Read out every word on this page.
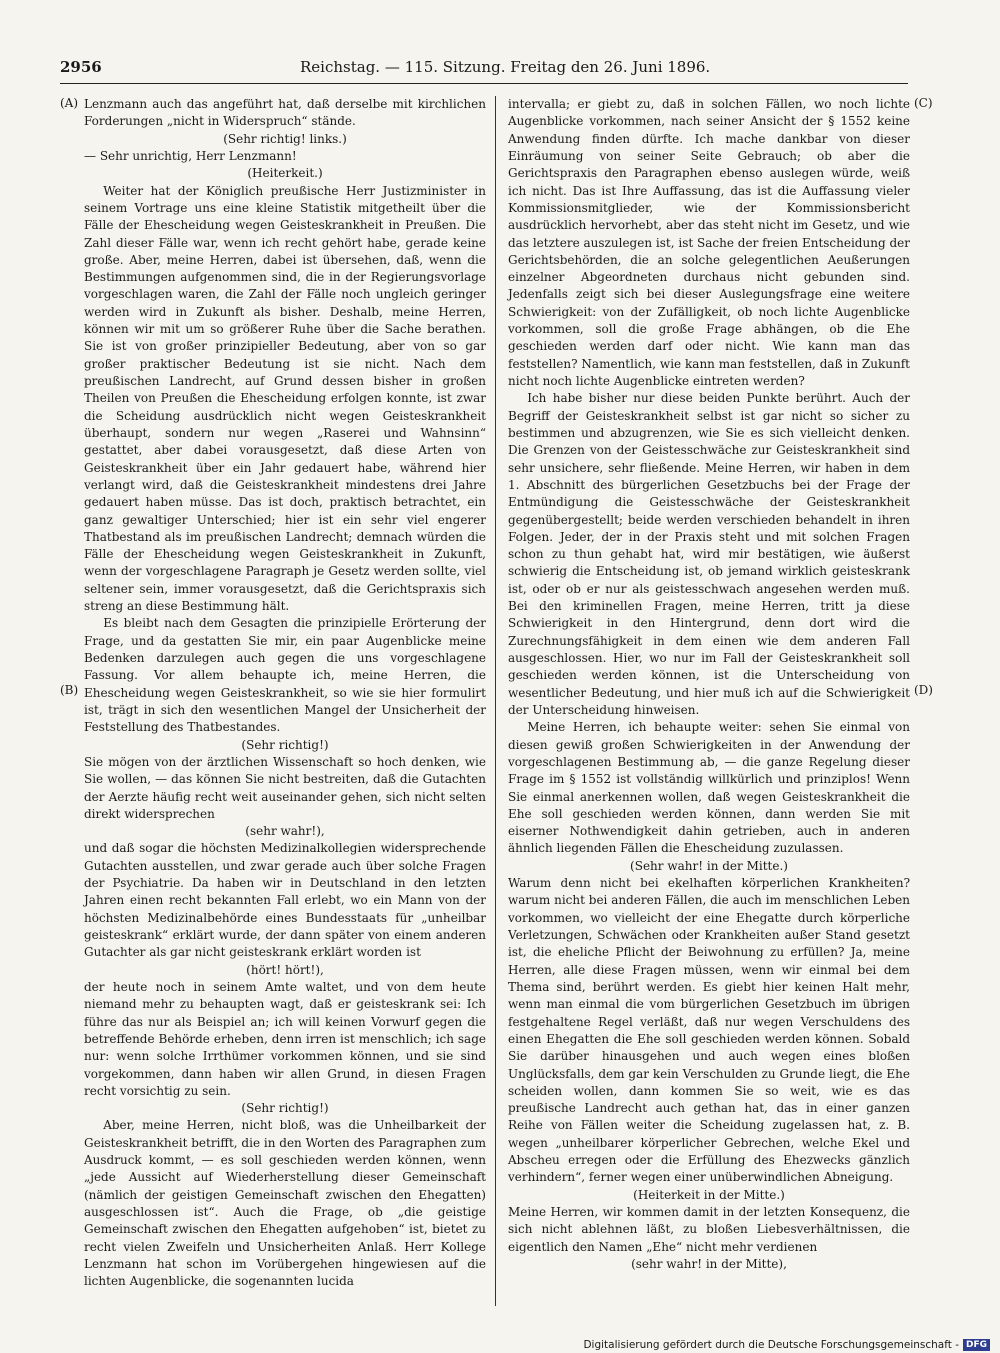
2956	Reichstag. — 115. Sitzung. Freitag den 26. Juni 1896.
(A)
(B)
(C)
(D)

Lenzmann auch das angeführt hat, daß derselbe mit kirchlichen Forderungen „nicht in Widerspruch“ stände.

(Sehr richtig! links.)

— Sehr unrichtig, Herr Lenzmann!

(Heiterkeit.)

Weiter hat der Königlich preußische Herr Justizminister in seinem Vortrage uns eine kleine Statistik mitgetheilt über die Fälle der Ehescheidung wegen Geisteskrankheit in Preußen. Die Zahl dieser Fälle war, wenn ich recht gehört habe, gerade keine große. Aber, meine Herren, dabei ist übersehen, daß, wenn die Bestimmungen aufgenommen sind, die in der Regierungsvorlage vorgeschlagen waren, die Zahl der Fälle noch ungleich geringer werden wird in Zukunft als bisher. Deshalb, meine Herren, können wir mit um so größerer Ruhe über die Sache berathen. Sie ist von großer prinzipieller Bedeutung, aber von so gar großer praktischer Bedeutung ist sie nicht. Nach dem preußischen Landrecht, auf Grund dessen bisher in großen Theilen von Preußen die Ehescheidung erfolgen konnte, ist zwar die Scheidung ausdrücklich nicht wegen Geisteskrankheit überhaupt, sondern nur wegen „Raserei und Wahnsinn“ gestattet, aber dabei vorausgesetzt, daß diese Arten von Geisteskrankheit über ein Jahr gedauert habe, während hier verlangt wird, daß die Geisteskrankheit mindestens drei Jahre gedauert haben müsse. Das ist doch, praktisch betrachtet, ein ganz gewaltiger Unterschied; hier ist ein sehr viel engerer Thatbestand als im preußischen Landrecht; demnach würden die Fälle der Ehescheidung wegen Geisteskrankheit in Zukunft, wenn der vorgeschlagene Paragraph je Gesetz werden sollte, viel seltener sein, immer vorausgesetzt, daß die Gerichtspraxis sich streng an diese Bestimmung hält.

Es bleibt nach dem Gesagten die prinzipielle Erörterung der Frage, und da gestatten Sie mir, ein paar Augenblicke meine Bedenken darzulegen auch gegen die uns vorgeschlagene Fassung. Vor allem behaupte ich, meine Herren, die Ehescheidung wegen Geisteskrankheit, so wie sie hier formulirt ist, trägt in sich den wesentlichen Mangel der Unsicherheit der Feststellung des Thatbestandes.

(Sehr richtig!)

Sie mögen von der ärztlichen Wissenschaft so hoch denken, wie Sie wollen, — das können Sie nicht bestreiten, daß die Gutachten der Aerzte häufig recht weit auseinander gehen, sich nicht selten direkt widersprechen

(sehr wahr!),

und daß sogar die höchsten Medizinalkollegien widersprechende Gutachten ausstellen, und zwar gerade auch über solche Fragen der Psychiatrie. Da haben wir in Deutschland in den letzten Jahren einen recht bekannten Fall erlebt, wo ein Mann von der höchsten Medizinalbehörde eines Bundesstaats für „unheilbar geisteskrank“ erklärt wurde, der dann später von einem anderen Gutachter als gar nicht geisteskrank erklärt worden ist

(hört! hört!),

der heute noch in seinem Amte waltet, und von dem heute niemand mehr zu behaupten wagt, daß er geisteskrank sei: Ich führe das nur als Beispiel an; ich will keinen Vorwurf gegen die betreffende Behörde erheben, denn irren ist menschlich; ich sage nur: wenn solche Irrthümer vorkommen können, und sie sind vorgekommen, dann haben wir allen Grund, in diesen Fragen recht vorsichtig zu sein.

(Sehr richtig!)

Aber, meine Herren, nicht bloß, was die Unheilbarkeit der Geisteskrankheit betrifft, die in den Worten des Paragraphen zum Ausdruck kommt, — es soll geschieden werden können, wenn „jede Aussicht auf Wiederherstellung dieser Gemeinschaft (nämlich der geistigen Gemeinschaft zwischen den Ehegatten) ausgeschlossen ist“. Auch die Frage, ob „die geistige Gemeinschaft zwischen den Ehegatten aufgehoben“ ist, bietet zu recht vielen Zweifeln und Unsicherheiten Anlaß. Herr Kollege Lenzmann hat schon im Vorübergehen hingewiesen auf die lichten Augenblicke, die sogenannten lucida

intervalla; er giebt zu, daß in solchen Fällen, wo noch lichte Augenblicke vorkommen, nach seiner Ansicht der § 1552 keine Anwendung finden dürfte. Ich mache dankbar von dieser Einräumung von seiner Seite Gebrauch; ob aber die Gerichtspraxis den Paragraphen ebenso auslegen würde, weiß ich nicht. Das ist Ihre Auffassung, das ist die Auffassung vieler Kommissionsmitglieder, wie der Kommissionsbericht ausdrücklich hervorhebt, aber das steht nicht im Gesetz, und wie das letztere auszulegen ist, ist Sache der freien Entscheidung der Gerichtsbehörden, die an solche gelegentlichen Aeußerungen einzelner Abgeordneten durchaus nicht gebunden sind. Jedenfalls zeigt sich bei dieser Auslegungsfrage eine weitere Schwierigkeit: von der Zufälligkeit, ob noch lichte Augenblicke vorkommen, soll die große Frage abhängen, ob die Ehe geschieden werden darf oder nicht. Wie kann man das feststellen? Namentlich, wie kann man feststellen, daß in Zukunft nicht noch lichte Augenblicke eintreten werden?

Ich habe bisher nur diese beiden Punkte berührt. Auch der Begriff der Geisteskrankheit selbst ist gar nicht so sicher zu bestimmen und abzugrenzen, wie Sie es sich vielleicht denken. Die Grenzen von der Geistesschwäche zur Geisteskrankheit sind sehr unsichere, sehr fließende. Meine Herren, wir haben in dem 1. Abschnitt des bürgerlichen Gesetzbuchs bei der Frage der Entmündigung die Geistesschwäche der Geisteskrankheit gegenübergestellt; beide werden verschieden behandelt in ihren Folgen. Jeder, der in der Praxis steht und mit solchen Fragen schon zu thun gehabt hat, wird mir bestätigen, wie äußerst schwierig die Entscheidung ist, ob jemand wirklich geisteskrank ist, oder ob er nur als geistesschwach angesehen werden muß. Bei den kriminellen Fragen, meine Herren, tritt ja diese Schwierigkeit in den Hintergrund, denn dort wird die Zurechnungsfähigkeit in dem einen wie dem anderen Fall ausgeschlossen. Hier, wo nur im Fall der Geisteskrankheit soll geschieden werden können, ist die Unterscheidung von wesentlicher Bedeutung, und hier muß ich auf die Schwierigkeit der Unterscheidung hinweisen.

Meine Herren, ich behaupte weiter: sehen Sie einmal von diesen gewiß großen Schwierigkeiten in der Anwendung der vorgeschlagenen Bestimmung ab, — die ganze Regelung dieser Frage im § 1552 ist vollständig willkürlich und prinziplos! Wenn Sie einmal anerkennen wollen, daß wegen Geisteskrankheit die Ehe soll geschieden werden können, dann werden Sie mit eiserner Nothwendigkeit dahin getrieben, auch in anderen ähnlich liegenden Fällen die Ehescheidung zuzulassen.

(Sehr wahr! in der Mitte.)

Warum denn nicht bei ekelhaften körperlichen Krankheiten? warum nicht bei anderen Fällen, die auch im menschlichen Leben vorkommen, wo vielleicht der eine Ehegatte durch körperliche Verletzungen, Schwächen oder Krankheiten außer Stand gesetzt ist, die eheliche Pflicht der Beiwohnung zu erfüllen? Ja, meine Herren, alle diese Fragen müssen, wenn wir einmal bei dem Thema sind, berührt werden. Es giebt hier keinen Halt mehr, wenn man einmal die vom bürgerlichen Gesetzbuch im übrigen festgehaltene Regel verläßt, daß nur wegen Verschuldens des einen Ehegatten die Ehe soll geschieden werden können. Sobald Sie darüber hinausgehen und auch wegen eines bloßen Unglücksfalls, dem gar kein Verschulden zu Grunde liegt, die Ehe scheiden wollen, dann kommen Sie so weit, wie es das preußische Landrecht auch gethan hat, das in einer ganzen Reihe von Fällen weiter die Scheidung zugelassen hat, z. B. wegen „unheilbarer körperlicher Gebrechen, welche Ekel und Abscheu erregen oder die Erfüllung des Ehezwecks gänzlich verhindern“, ferner wegen einer unüberwindlichen Abneigung.

(Heiterkeit in der Mitte.)

Meine Herren, wir kommen damit in der letzten Konsequenz, die sich nicht ablehnen läßt, zu bloßen Liebesverhältnissen, die eigentlich den Namen „Ehe“ nicht mehr verdienen

(sehr wahr! in der Mitte),

Digitalisierung gefördert durch die Deutsche Forschungsgemeinschaft - DFG
